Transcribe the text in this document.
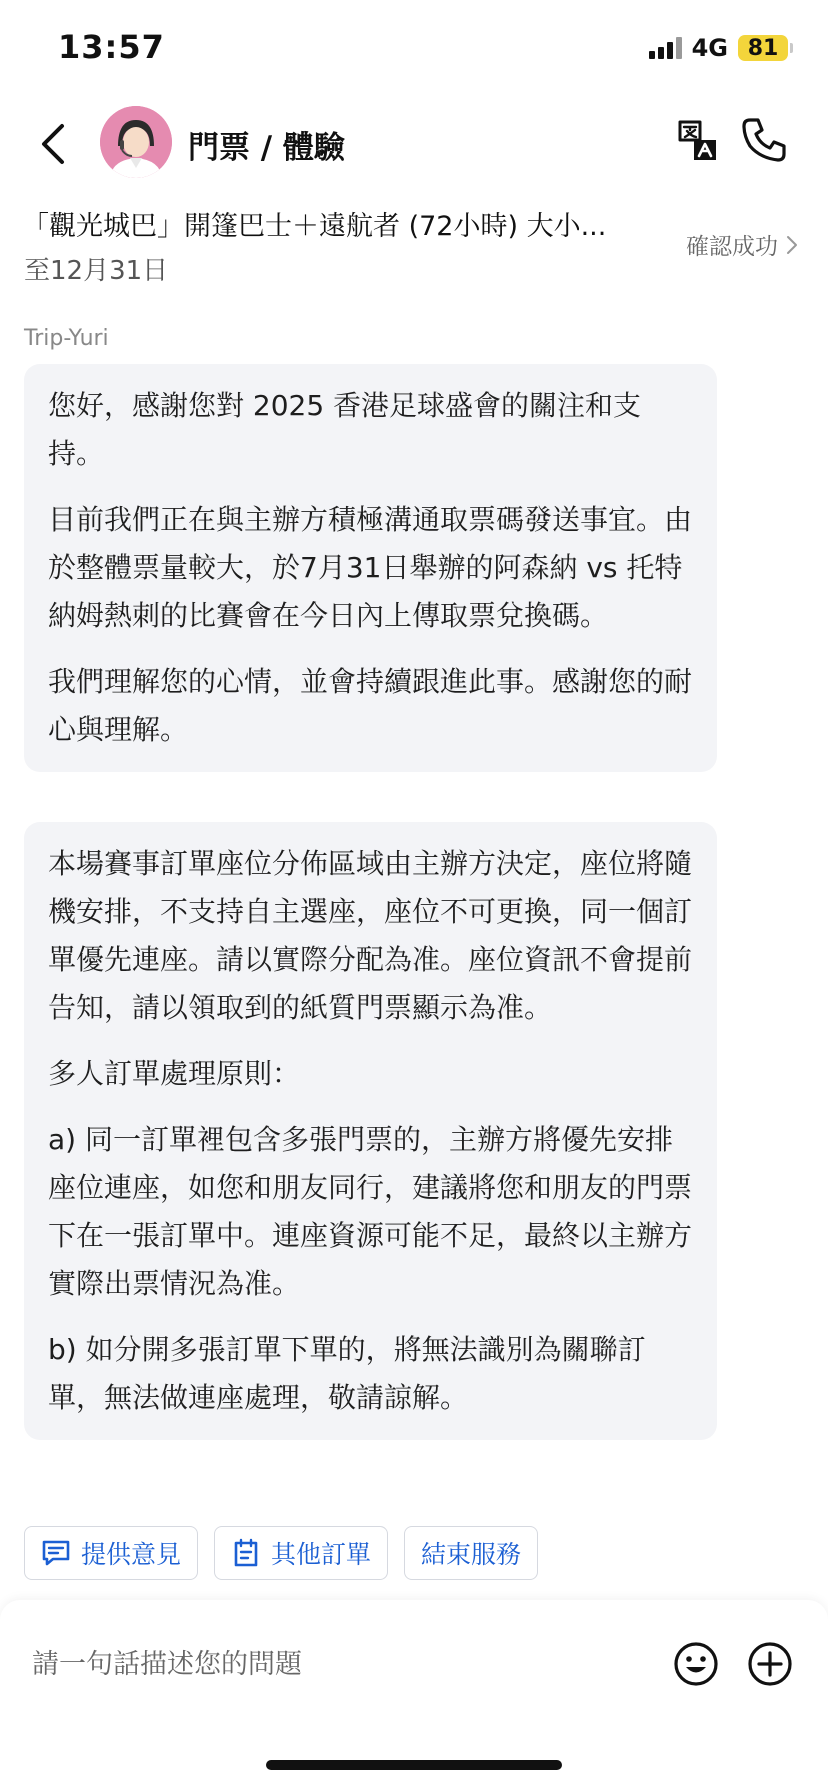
13:57	4G 81
門票 / 體驗
「觀光城巴」開篷巴士＋遠航者 (72小時) 大小...
至12月31日
確認成功
Trip-Yuri

您好，感謝您對 2025 香港足球盛會的關注和支持。

目前我們正在與主辦方積極溝通取票碼發送事宜。由於整體票量較大，於7月31日舉辦的阿森納 vs 托特納姆熱刺的比賽會在今日內上傳取票兌換碼。

我們理解您的心情，並會持續跟進此事。感謝您的耐心與理解。

本場賽事訂單座位分佈區域由主辦方決定，座位將隨機安排，不支持自主選座，座位不可更換，同一個訂單優先連座。請以實際分配為准。座位資訊不會提前告知，請以領取到的紙質門票顯示為准。

多人訂單處理原則：

a) 同一訂單裡包含多張門票的，主辦方將優先安排座位連座，如您和朋友同行，建議將您和朋友的門票下在一張訂單中。連座資源可能不足，最終以主辦方實際出票情況為准。

b) 如分開多張訂單下單的，將無法識別為關聯訂單，無法做連座處理，敬請諒解。

提供意見	其他訂單 結束服務
請一句話描述您的問題
